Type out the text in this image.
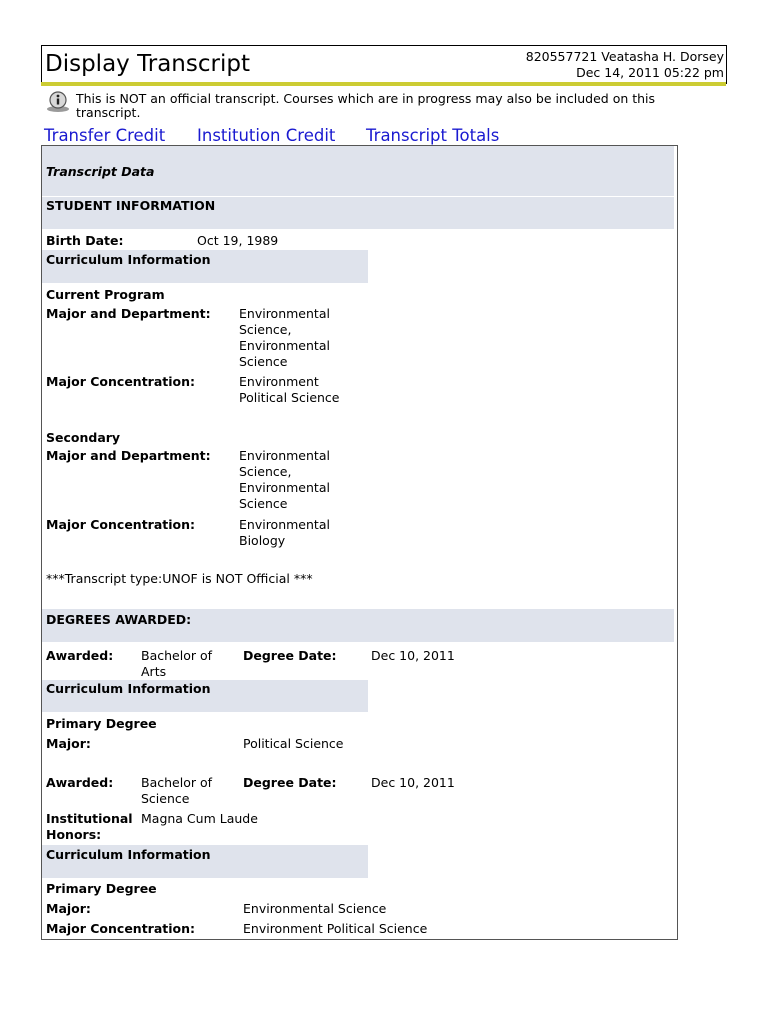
Display Transcript	820557721 Veatasha H. Dorsey
Dec 14, 2011 05:22 pm
This is NOT an official transcript. Courses which are in progress may also be included on this transcript.
Transfer Credit Institution Credit Transcript Totals
Transcript Data
STUDENT INFORMATION
Birth Date:	Oct 19, 1989
Curriculum Information
Current Program
Major and Department: Environmental
Science,
Environmental
Science
Major Concentration:	Environment
Political Science
Secondary
Major and Department: Environmental
Science,
Environmental
Science
Major Concentration:	Environmental
Biology
***Transcript type:UNOF is NOT Official ***
DEGREES AWARDED:
Awarded: Bachelor of
Arts
Degree Date:	Dec 10, 2011
Curriculum Information
Primary Degree
Major:	Political Science
Awarded: Bachelor of
Science
Degree Date:	Dec 10, 2011
Institutional
Honors:
Magna Cum Laude
Curriculum Information
Primary Degree
Major:	Environmental Science
Major Concentration:	Environment Political Science
